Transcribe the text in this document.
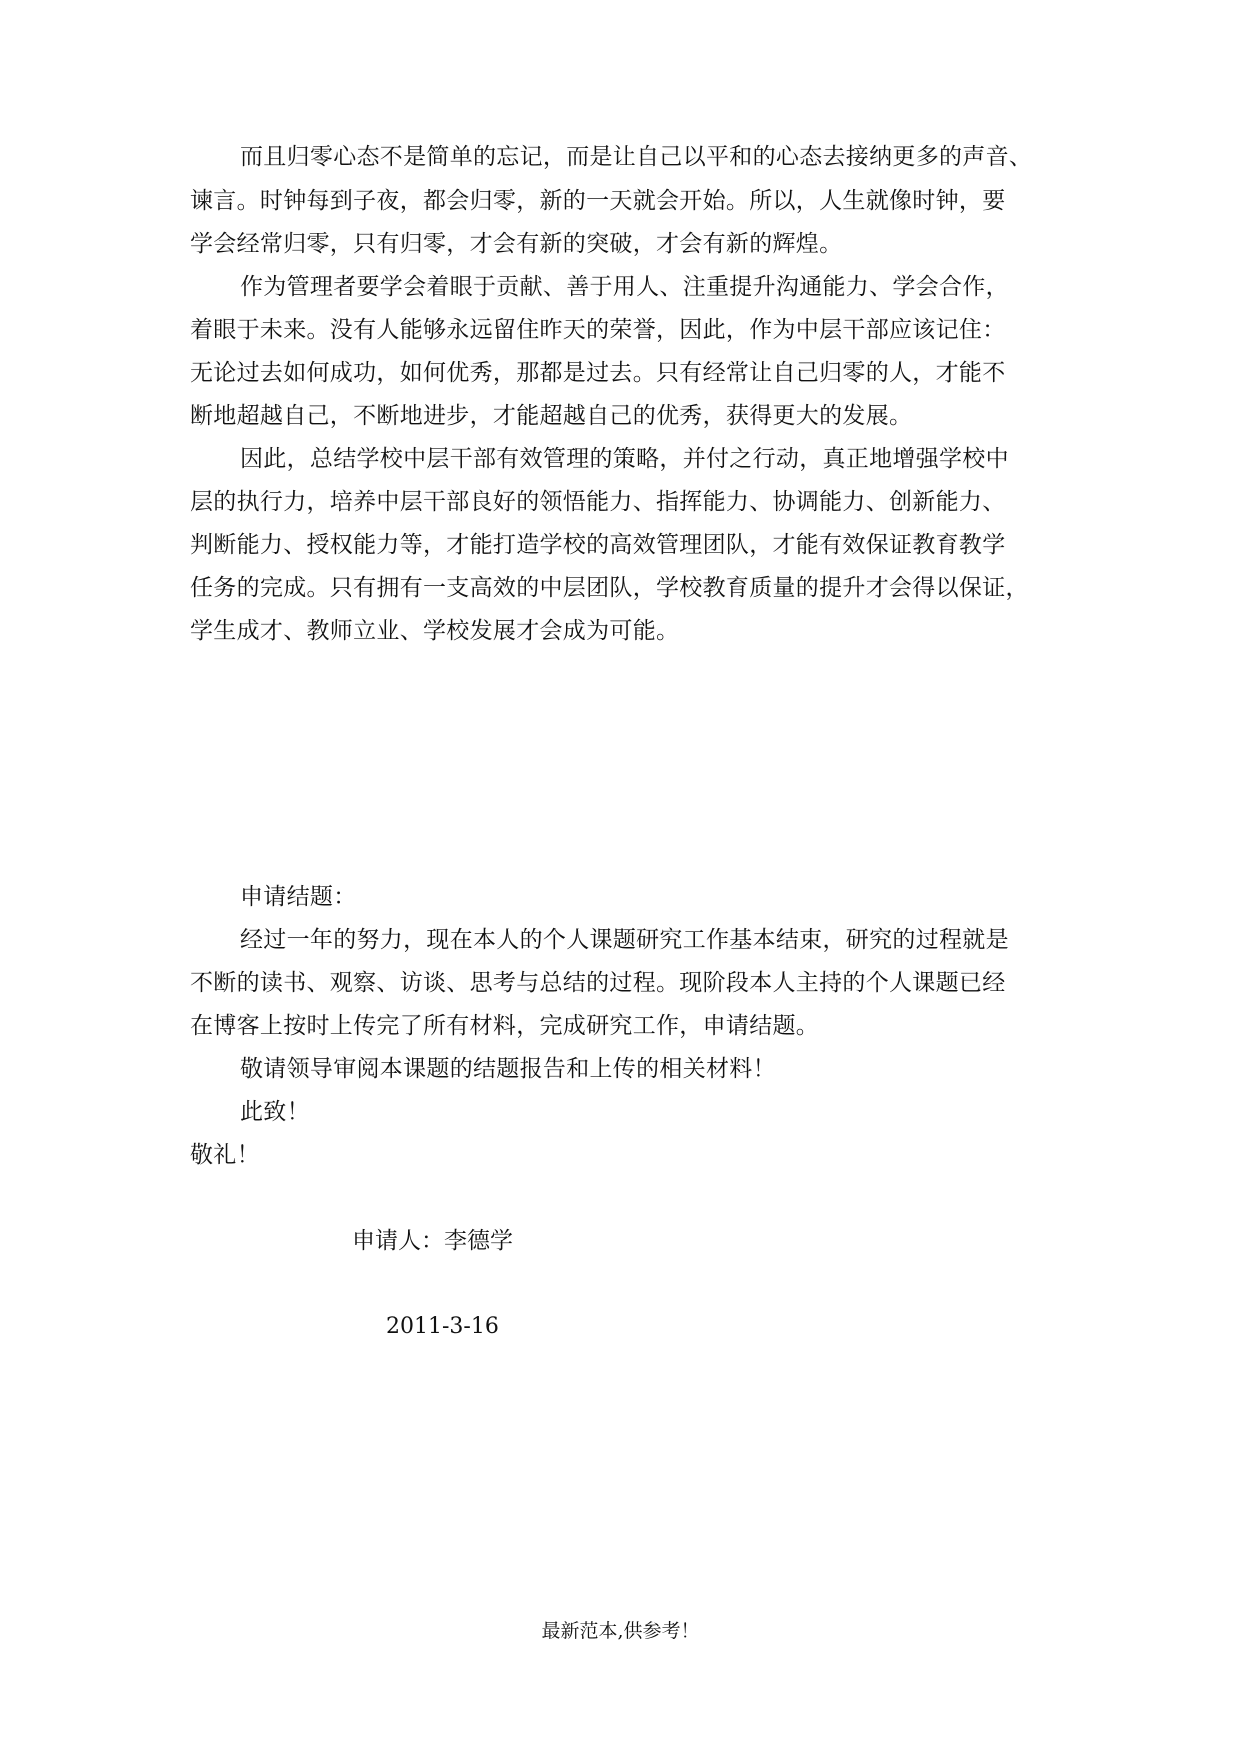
而且归零心态不是简单的忘记，而是让自己以平和的心态去接纳更多的声音、
谏言。时钟每到子夜，都会归零，新的一天就会开始。所以，人生就像时钟，要
学会经常归零，只有归零，才会有新的突破，才会有新的辉煌。
作为管理者要学会着眼于贡献、善于用人、注重提升沟通能力、学会合作，
着眼于未来。没有人能够永远留住昨天的荣誉，因此，作为中层干部应该记住：
无论过去如何成功，如何优秀，那都是过去。只有经常让自己归零的人，才能不
断地超越自己，不断地进步，才能超越自己的优秀，获得更大的发展。
因此，总结学校中层干部有效管理的策略，并付之行动，真正地增强学校中
层的执行力，培养中层干部良好的领悟能力、指挥能力、协调能力、创新能力、
判断能力、授权能力等，才能打造学校的高效管理团队，才能有效保证教育教学
任务的完成。只有拥有一支高效的中层团队，学校教育质量的提升才会得以保证，
学生成才、教师立业、学校发展才会成为可能。
申请结题：
经过一年的努力，现在本人的个人课题研究工作基本结束，研究的过程就是
不断的读书、观察、访谈、思考与总结的过程。现阶段本人主持的个人课题已经
在博客上按时上传完了所有材料，完成研究工作，申请结题。
敬请领导审阅本课题的结题报告和上传的相关材料！
此致！
敬礼！
申请人：李德学
2011-3-16
最新范本,供参考！
